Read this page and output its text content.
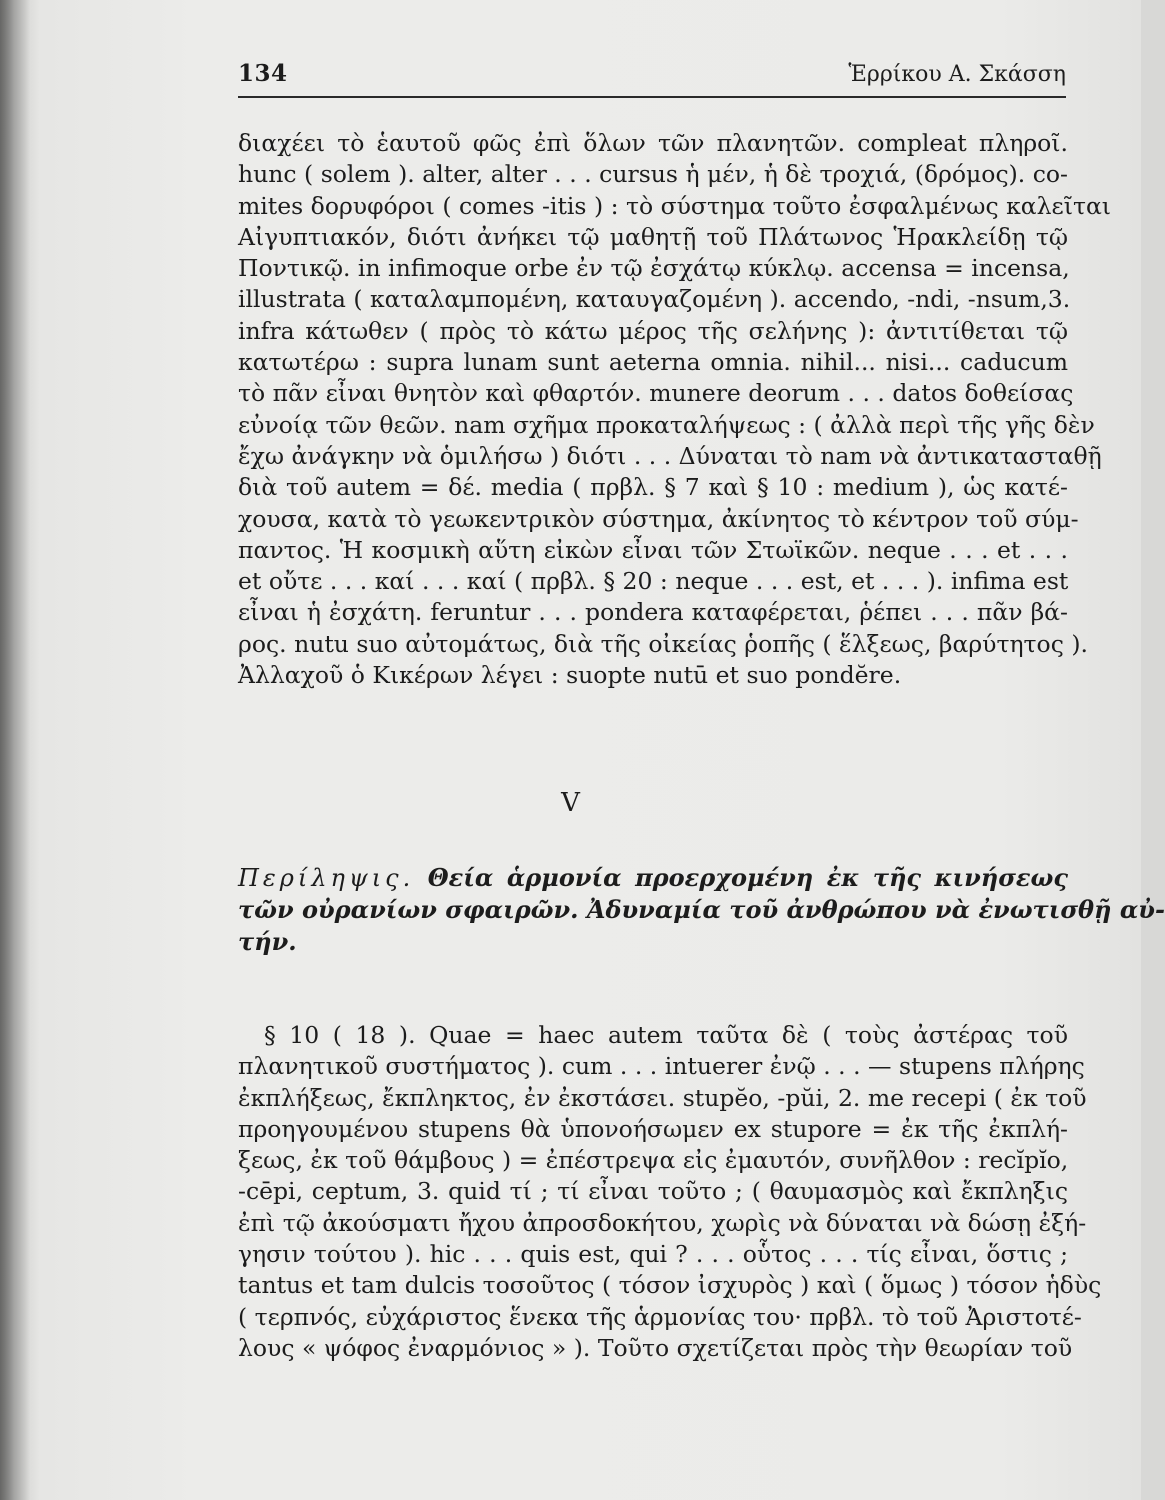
134	Ἑρρίκου Α. Σκάσση
διαχέει τὸ ἑαυτοῦ φῶς ἐπὶ ὅλων τῶν πλανητῶν. compleat πληροῖ.
hunc ( solem ). alter, alter . . . cursus ἡ μέν, ἡ δὲ τροχιά, (δρόμος). co-
mites δορυφόροι ( comes -itis ) : τὸ σύστημα τοῦτο ἐσφαλμένως καλεῖται
Αἰγυπτιακόν, διότι ἀνήκει τῷ μαθητῇ τοῦ Πλάτωνος Ἡρακλείδῃ τῷ
Ποντικῷ. in infimoque orbe ἐν τῷ ἐσχάτῳ κύκλῳ. accensa = incensa,
illustrata ( καταλαμπομένη, καταυγαζομένη ). accendo, -ndi, -nsum,3.
infra κάτωθεν ( πρὸς τὸ κάτω μέρος τῆς σελήνης ): ἀντιτίθεται τῷ
κατωτέρω : supra lunam sunt aeterna omnia. nihil... nisi... caducum
τὸ πᾶν εἶναι θνητὸν καὶ φθαρτόν. munere deorum . . . datos δοθείσας
εὐνοίᾳ τῶν θεῶν. nam σχῆμα προκαταλήψεως : ( ἀλλὰ περὶ τῆς γῆς δὲν
ἔχω ἀνάγκην νὰ ὁμιλήσω ) διότι . . . Δύναται τὸ nam νὰ ἀντικατασταθῇ
διὰ τοῦ autem = δέ. media ( πρβλ. § 7 καὶ § 10 : medium ), ὡς κατέ-
χουσα, κατὰ τὸ γεωκεντρικὸν σύστημα, ἀκίνητος τὸ κέντρον τοῦ σύμ-
παντος. Ἡ κοσμικὴ αὕτη εἰκὼν εἶναι τῶν Στωϊκῶν. neque . . . et . . .
et οὔτε . . . καί . . . καί ( πρβλ. § 20 : neque . . . est, et . . . ). infima est
εἶναι ἡ ἐσχάτη. feruntur . . . pondera καταφέρεται, ῥέπει . . . πᾶν βά-
ρος. nutu suo αὐτομάτως, διὰ τῆς οἰκείας ῥοπῆς ( ἕλξεως, βαρύτητος ).
Ἀλλαχοῦ ὁ Κικέρων λέγει : suopte nutū et suo pondĕre.
V
Περίληψις. Θεία ἁρμονία προερχομένη ἐκ τῆς κινήσεως
τῶν οὐρανίων σφαιρῶν. Ἀδυναμία τοῦ ἀνθρώπου νὰ ἐνωτισθῇ αὐ-
τήν.
§ 10 ( 18 ). Quae = haec autem ταῦτα δὲ ( τοὺς ἀστέρας τοῦ
πλανητικοῦ συστήματος ). cum . . . intuerer ἐνῷ . . . — stupens πλήρης
ἐκπλήξεως, ἔκπληκτος, ἐν ἐκστάσει. stupĕo, -pŭi, 2. me recepi ( ἐκ τοῦ
προηγουμένου stupens θὰ ὑπονοήσωμεν ex stupore = ἐκ τῆς ἐκπλή-
ξεως, ἐκ τοῦ θάμβους ) = ἐπέστρεψα εἰς ἐμαυτόν, συνῆλθον : recĭpĭo,
-cēpi, ceptum, 3. quid τί ; τί εἶναι τοῦτο ; ( θαυμασμὸς καὶ ἔκπληξις
ἐπὶ τῷ ἀκούσματι ἤχου ἀπροσδοκήτου, χωρὶς νὰ δύναται νὰ δώσῃ ἐξή-
γησιν τούτου ). hic . . . quis est, qui ? . . . οὗτος . . . τίς εἶναι, ὅστις ;
tantus et tam dulcis τοσοῦτος ( τόσον ἰσχυρὸς ) καὶ ( ὅμως ) τόσον ἡδὺς
( τερπνός, εὐχάριστος ἕνεκα τῆς ἁρμονίας του· πρβλ. τὸ τοῦ Ἀριστοτέ-
λους « ψόφος ἐναρμόνιος » ). Τοῦτο σχετίζεται πρὸς τὴν θεωρίαν τοῦ
